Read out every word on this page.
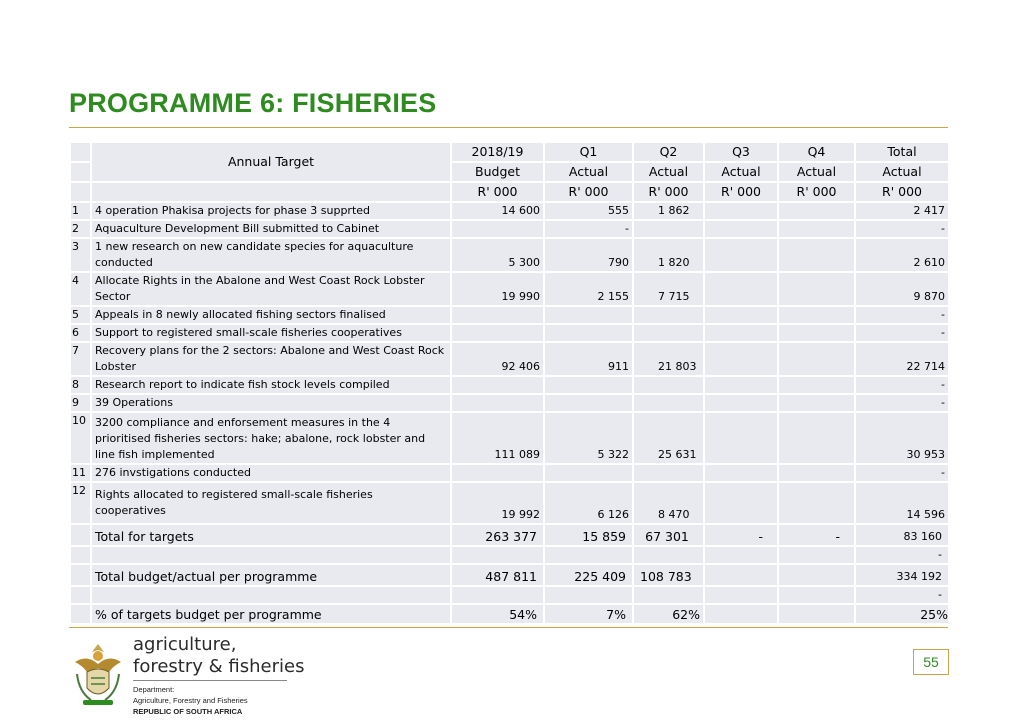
PROGRAMME 6: FISHERIES
	Annual Target	2018/19	Q1	Q2	Q3	Q4	Total
		Budget	Actual	Actual	Actual	Actual	Actual
		R' 000	R' 000	R' 000	R' 000	R' 000	R' 000
1	4 operation Phakisa projects for phase 3 supprted	14 600	555	1 862			2 417
2	Aquaculture Development Bill submitted to Cabinet		-				-
3	1 new research on new candidate species for aquaculture conducted	5 300	790	1 820			2 610
4	Allocate Rights in the Abalone and West Coast Rock Lobster Sector	19 990	2 155	7 715			9 870
5	Appeals in 8 newly allocated fishing sectors finalised						-
6	Support to registered small-scale fisheries cooperatives						-
7	Recovery plans for the 2 sectors: Abalone and West Coast Rock Lobster	92 406	911	21 803			22 714
8	Research report to indicate fish stock levels compiled						-
9	39 Operations						-
10	3200 compliance and enforsement measures in the 4 prioritised fisheries sectors: hake; abalone, rock lobster and line fish implemented	111 089	5 322	25 631			30 953
11	276 invstigations conducted						-
12	Rights allocated to registered small-scale fisheries cooperatives	19 992	6 126	8 470			14 596
	Total for targets	263 377	15 859	67 301	-	-	83 160
							-
	Total budget/actual per programme	487 811	225 409	108 783			334 192
							-
	% of targets budget per programme	54%	7%	62%			25%
agriculture,
forestry & fisheries
Department:
Agriculture, Forestry and Fisheries
REPUBLIC OF SOUTH AFRICA
55
